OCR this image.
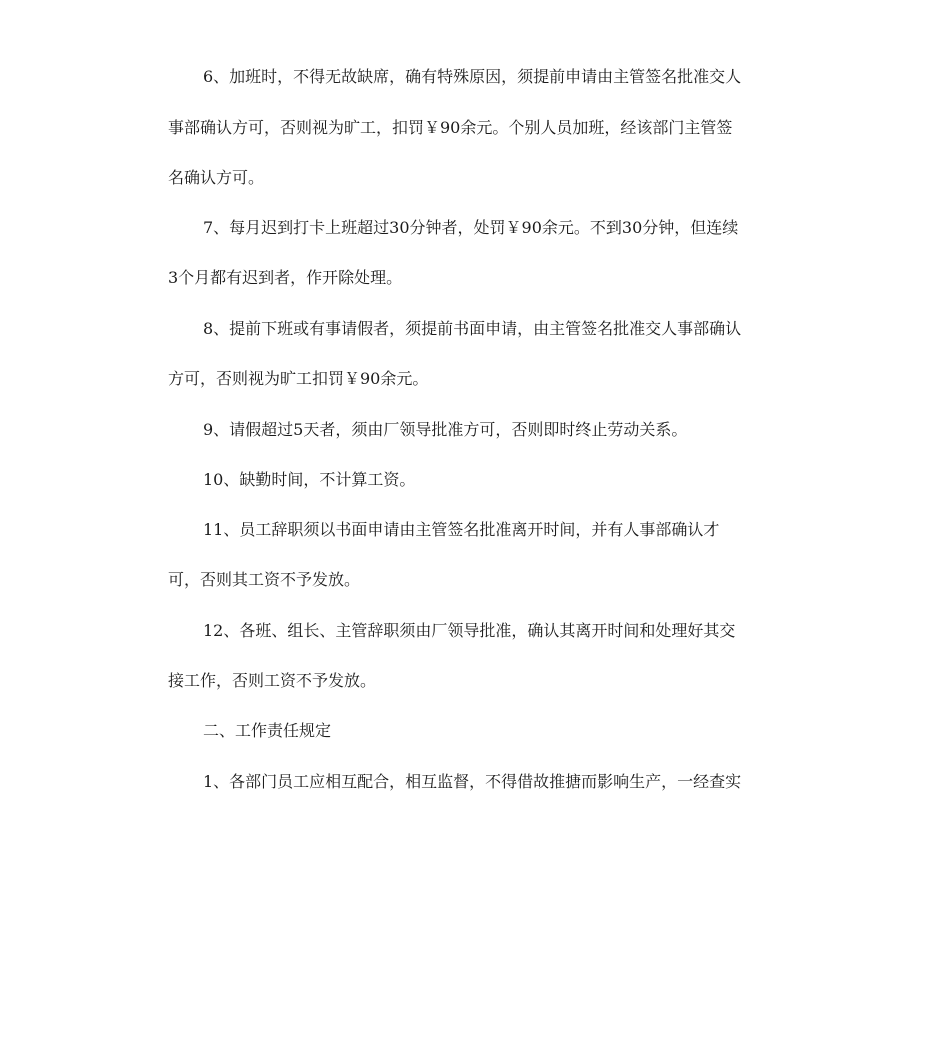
6、加班时，不得无故缺席，确有特殊原因，须提前申请由主管签名批准交人

事部确认方可，否则视为旷工，扣罚￥90余元。个别人员加班，经该部门主管签

名确认方可。

7、每月迟到打卡上班超过30分钟者，处罚￥90余元。不到30分钟，但连续

3个月都有迟到者，作开除处理。

8、提前下班或有事请假者，须提前书面申请，由主管签名批准交人事部确认

方可，否则视为旷工扣罚￥90余元。

9、请假超过5天者，须由厂领导批准方可，否则即时终止劳动关系。

10、缺勤时间，不计算工资。

11、员工辞职须以书面申请由主管签名批准离开时间，并有人事部确认才

可，否则其工资不予发放。

12、各班、组长、主管辞职须由厂领导批准，确认其离开时间和处理好其交

接工作，否则工资不予发放。

二、工作责任规定

1、各部门员工应相互配合，相互监督，不得借故推搪而影响生产，一经查实
